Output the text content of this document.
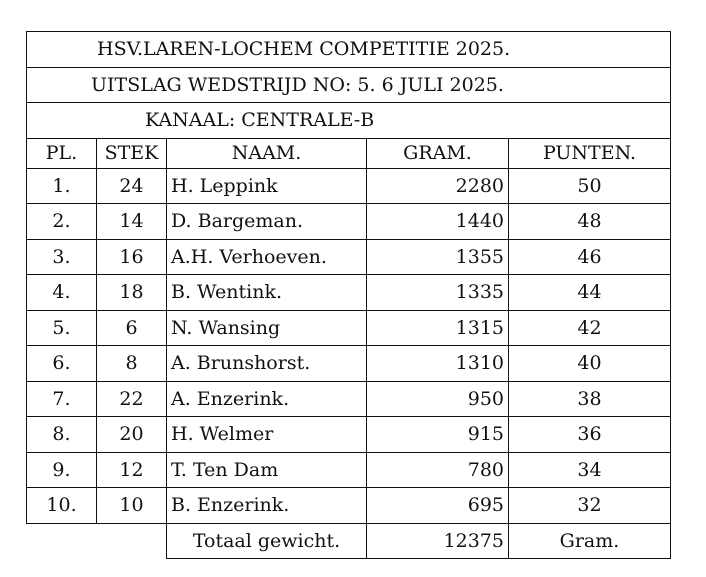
HSV.LAREN-LOCHEM COMPETITIE 2025.				
UITSLAG WEDSTRIJD NO: 5. 6 JULI 2025.				
KANAAL: CENTRALE-B				
PL.	STEK	NAAM.	GRAM.	PUNTEN.
1.	24	H. Leppink	2280	50
2.	14	D. Bargeman.	1440	48
3.	16	A.H. Verhoeven.	1355	46
4.	18	B. Wentink.	1335	44
5.	6	N. Wansing	1315	42
6.	8	A. Brunshorst.	1310	40
7.	22	A. Enzerink.	950	38
8.	20	H. Welmer	915	36
9.	12	T. Ten Dam	780	34
10.	10	B. Enzerink.	695	32
		Totaal gewicht.	12375	Gram.
